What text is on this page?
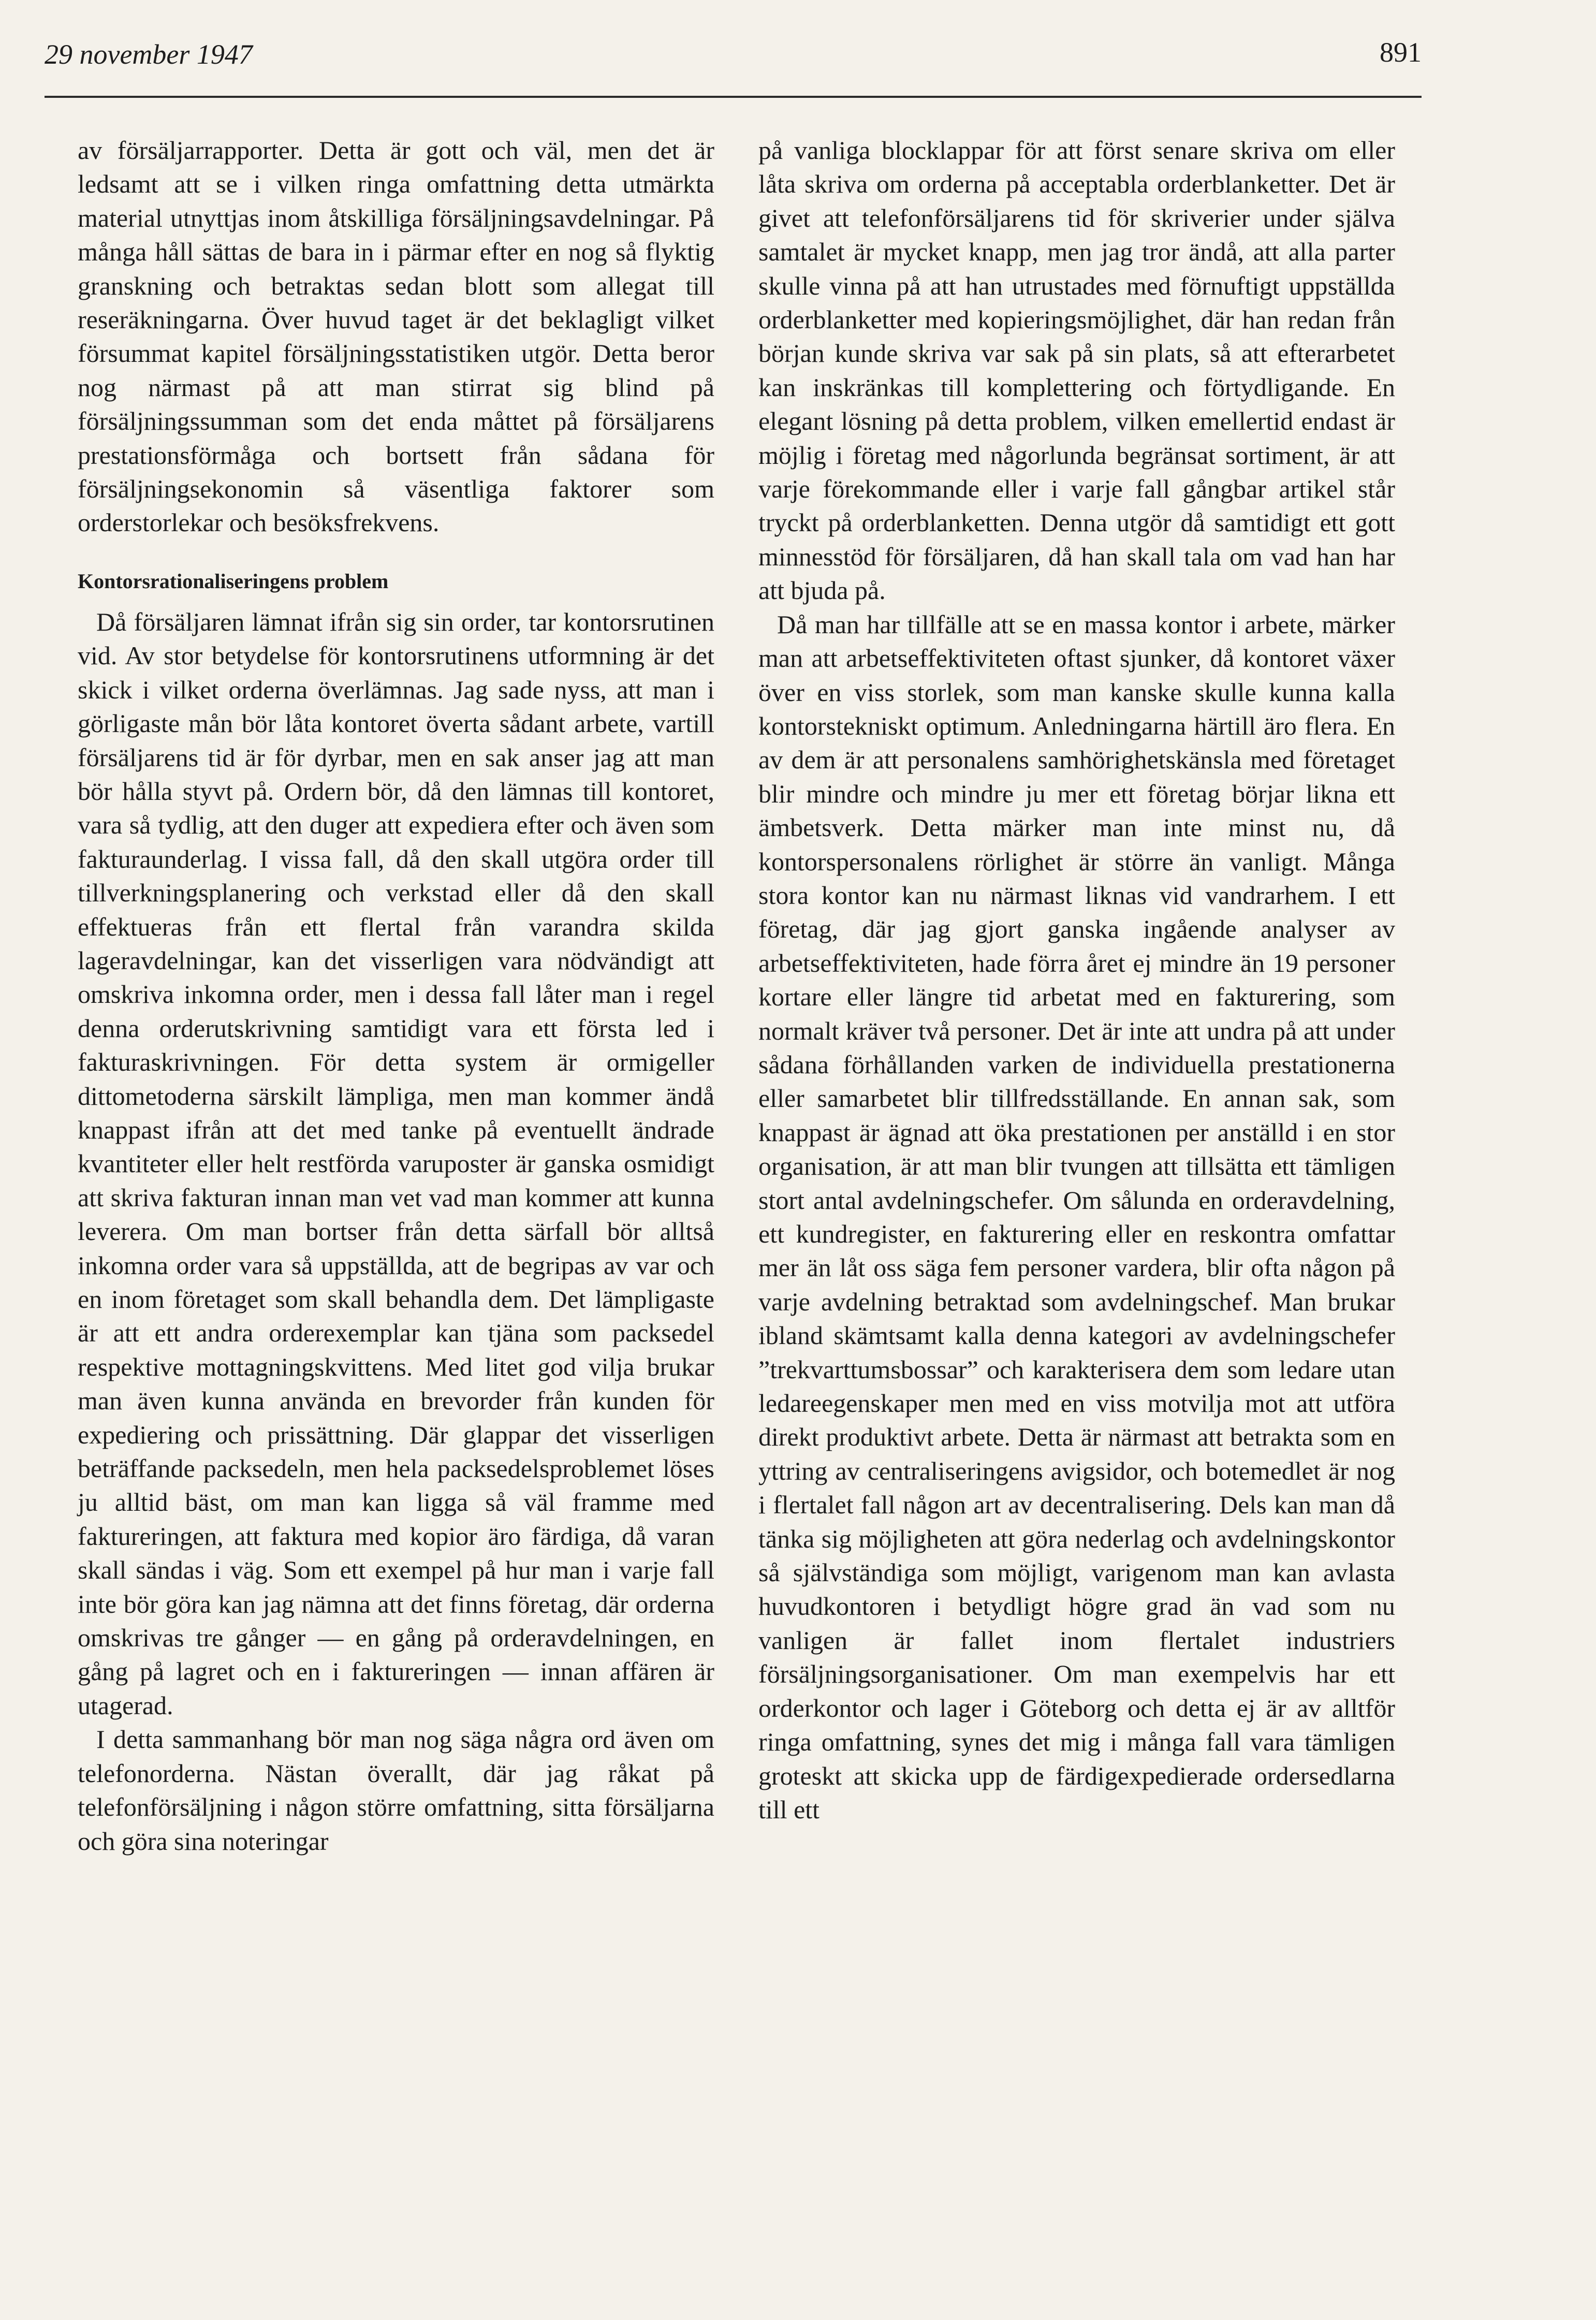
29 november 1947	891

av försäljarrapporter. Detta är gott och väl, men det är ledsamt att se i vilken ringa omfattning detta utmärkta material utnyttjas inom åtskilliga försäljningsavdelningar. På många håll sättas de bara in i pärmar efter en nog så flyktig granskning och betraktas sedan blott som allegat till reseräkningarna. Över huvud taget är det beklagligt vilket försummat kapitel försäljningsstatistiken utgör. Detta beror nog närmast på att man stirrat sig blind på försäljningssumman som det enda måttet på försäljarens prestationsförmåga och bortsett från sådana för försäljningsekonomin så väsentliga faktorer som orderstorlekar och besöksfrekvens.

Kontorsrationaliseringens problem

Då försäljaren lämnat ifrån sig sin order, tar kontorsrutinen vid. Av stor betydelse för kontorsrutinens utformning är det skick i vilket orderna överlämnas. Jag sade nyss, att man i görligaste mån bör låta kontoret överta sådant arbete, vartill försäljarens tid är för dyrbar, men en sak anser jag att man bör hålla styvt på. Ordern bör, då den lämnas till kontoret, vara så tydlig, att den duger att expediera efter och även som fakturaunderlag. I vissa fall, då den skall utgöra order till tillverkningsplanering och verkstad eller då den skall effektueras från ett flertal från varandra skilda lageravdelningar, kan det visserligen vara nödvändigt att omskriva inkomna order, men i dessa fall låter man i regel denna orderutskrivning samtidigt vara ett första led i fakturaskrivningen. För detta system är ormigeller dittometoderna särskilt lämpliga, men man kommer ändå knappast ifrån att det med tanke på eventuellt ändrade kvantiteter eller helt restförda varuposter är ganska osmidigt att skriva fakturan innan man vet vad man kommer att kunna leverera. Om man bortser från detta särfall bör alltså inkomna order vara så uppställda, att de begripas av var och en inom företaget som skall behandla dem. Det lämpligaste är att ett andra orderexemplar kan tjäna som packsedel respektive mottagningskvittens. Med litet god vilja brukar man även kunna använda en brevorder från kunden för expediering och prissättning. Där glappar det visserligen beträffande packsedeln, men hela packsedelsproblemet löses ju alltid bäst, om man kan ligga så väl framme med faktureringen, att faktura med kopior äro färdiga, då varan skall sändas i väg. Som ett exempel på hur man i varje fall inte bör göra kan jag nämna att det finns företag, där orderna omskrivas tre gånger — en gång på orderavdelningen, en gång på lagret och en i faktureringen — innan affären är utagerad.

I detta sammanhang bör man nog säga några ord även om telefonorderna. Nästan överallt, där jag råkat på telefonförsäljning i någon större omfattning, sitta försäljarna och göra sina noteringar

på vanliga blocklappar för att först senare skriva om eller låta skriva om orderna på acceptabla orderblanketter. Det är givet att telefonförsäljarens tid för skriverier under själva samtalet är mycket knapp, men jag tror ändå, att alla parter skulle vinna på att han utrustades med förnuftigt uppställda orderblanketter med kopieringsmöjlighet, där han redan från början kunde skriva var sak på sin plats, så att efterarbetet kan inskränkas till komplettering och förtydligande. En elegant lösning på detta problem, vilken emellertid endast är möjlig i företag med någorlunda begränsat sortiment, är att varje förekommande eller i varje fall gångbar artikel står tryckt på orderblanketten. Denna utgör då samtidigt ett gott minnesstöd för försäljaren, då han skall tala om vad han har att bjuda på.

Då man har tillfälle att se en massa kontor i arbete, märker man att arbetseffektiviteten oftast sjunker, då kontoret växer över en viss storlek, som man kanske skulle kunna kalla kontorstekniskt optimum. Anledningarna härtill äro flera. En av dem är att personalens samhörighetskänsla med företaget blir mindre och mindre ju mer ett företag börjar likna ett ämbetsverk. Detta märker man inte minst nu, då kontorspersonalens rörlighet är större än vanligt. Många stora kontor kan nu närmast liknas vid vandrarhem. I ett företag, där jag gjort ganska ingående analyser av arbetseffektiviteten, hade förra året ej mindre än 19 personer kortare eller längre tid arbetat med en fakturering, som normalt kräver två personer. Det är inte att undra på att under sådana förhållanden varken de individuella prestationerna eller samarbetet blir tillfredsställande. En annan sak, som knappast är ägnad att öka prestationen per anställd i en stor organisation, är att man blir tvungen att tillsätta ett tämligen stort antal avdelningschefer. Om sålunda en orderavdelning, ett kundregister, en fakturering eller en reskontra omfattar mer än låt oss säga fem personer vardera, blir ofta någon på varje avdelning betraktad som avdelningschef. Man brukar ibland skämtsamt kalla denna kategori av avdelningschefer ”trekvarttumsbossar” och karakterisera dem som ledare utan ledareegenskaper men med en viss motvilja mot att utföra direkt produktivt arbete. Detta är närmast att betrakta som en yttring av centraliseringens avigsidor, och botemedlet är nog i flertalet fall någon art av decentralisering. Dels kan man då tänka sig möjligheten att göra nederlag och avdelningskontor så självständiga som möjligt, varigenom man kan avlasta huvudkontoren i betydligt högre grad än vad som nu vanligen är fallet inom flertalet industriers försäljningsorganisationer. Om man exempelvis har ett orderkontor och lager i Göteborg och detta ej är av alltför ringa omfattning, synes det mig i många fall vara tämligen groteskt att skicka upp de färdigexpedierade ordersedlarna till ett
